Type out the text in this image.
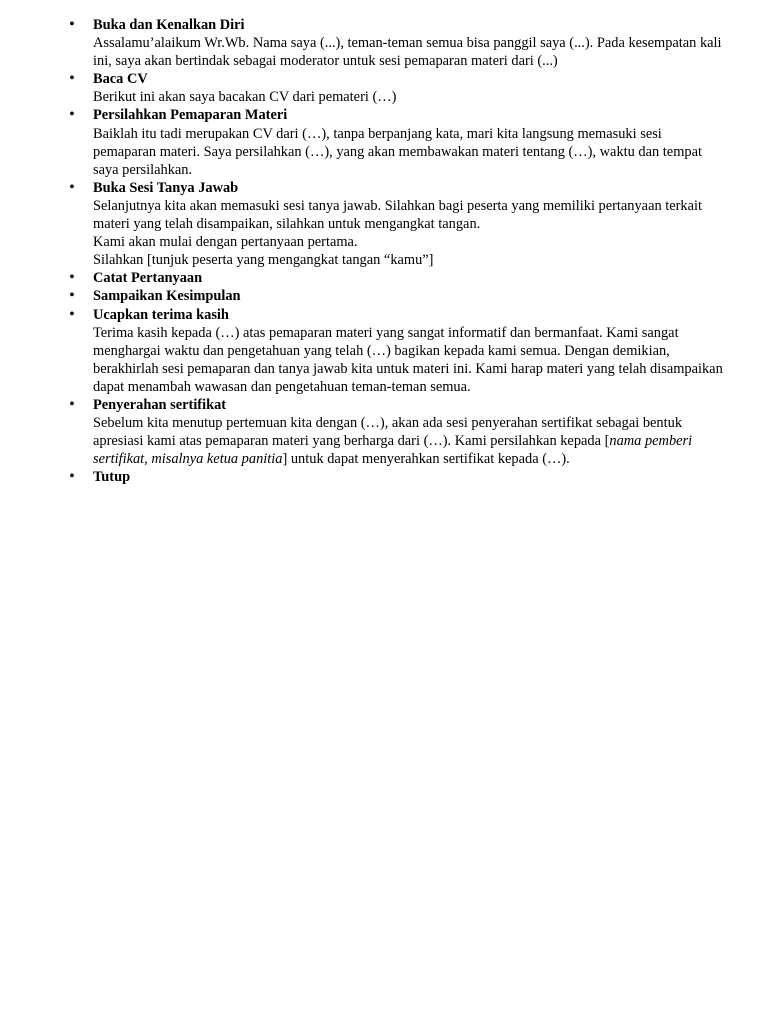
• Buka dan Kenalkan Diri

Assalamu’alaikum Wr.Wb. Nama saya (...), teman-teman semua bisa panggil saya (...). Pada kesempatan kali ini, saya akan bertindak sebagai moderator untuk sesi pemaparan materi dari (...)

• Baca CV

Berikut ini akan saya bacakan CV dari pemateri (…)

• Persilahkan Pemaparan Materi

Baiklah itu tadi merupakan CV dari (…), tanpa berpanjang kata, mari kita langsung memasuki sesi pemaparan materi. Saya persilahkan (…), yang akan membawakan materi tentang (…), waktu dan tempat saya persilahkan.

• Buka Sesi Tanya Jawab

Selanjutnya kita akan memasuki sesi tanya jawab. Silahkan bagi peserta yang memiliki pertanyaan terkait materi yang telah disampaikan, silahkan untuk mengangkat tangan.

Kami akan mulai dengan pertanyaan pertama.

Silahkan [tunjuk peserta yang mengangkat tangan “kamu”]

• Catat Pertanyaan
• Sampaikan Kesimpulan
• Ucapkan terima kasih

Terima kasih kepada (…) atas pemaparan materi yang sangat informatif dan bermanfaat. Kami sangat menghargai waktu dan pengetahuan yang telah (…) bagikan kepada kami semua. Dengan demikian, berakhirlah sesi pemaparan dan tanya jawab kita untuk materi ini. Kami harap materi yang telah disampaikan dapat menambah wawasan dan pengetahuan teman-teman semua.

• Penyerahan sertifikat

Sebelum kita menutup pertemuan kita dengan (…), akan ada sesi penyerahan sertifikat sebagai bentuk apresiasi kami atas pemaparan materi yang berharga dari (…). Kami persilahkan kepada [nama pemberi sertifikat, misalnya ketua panitia] untuk dapat menyerahkan sertifikat kepada (…).

• Tutup
